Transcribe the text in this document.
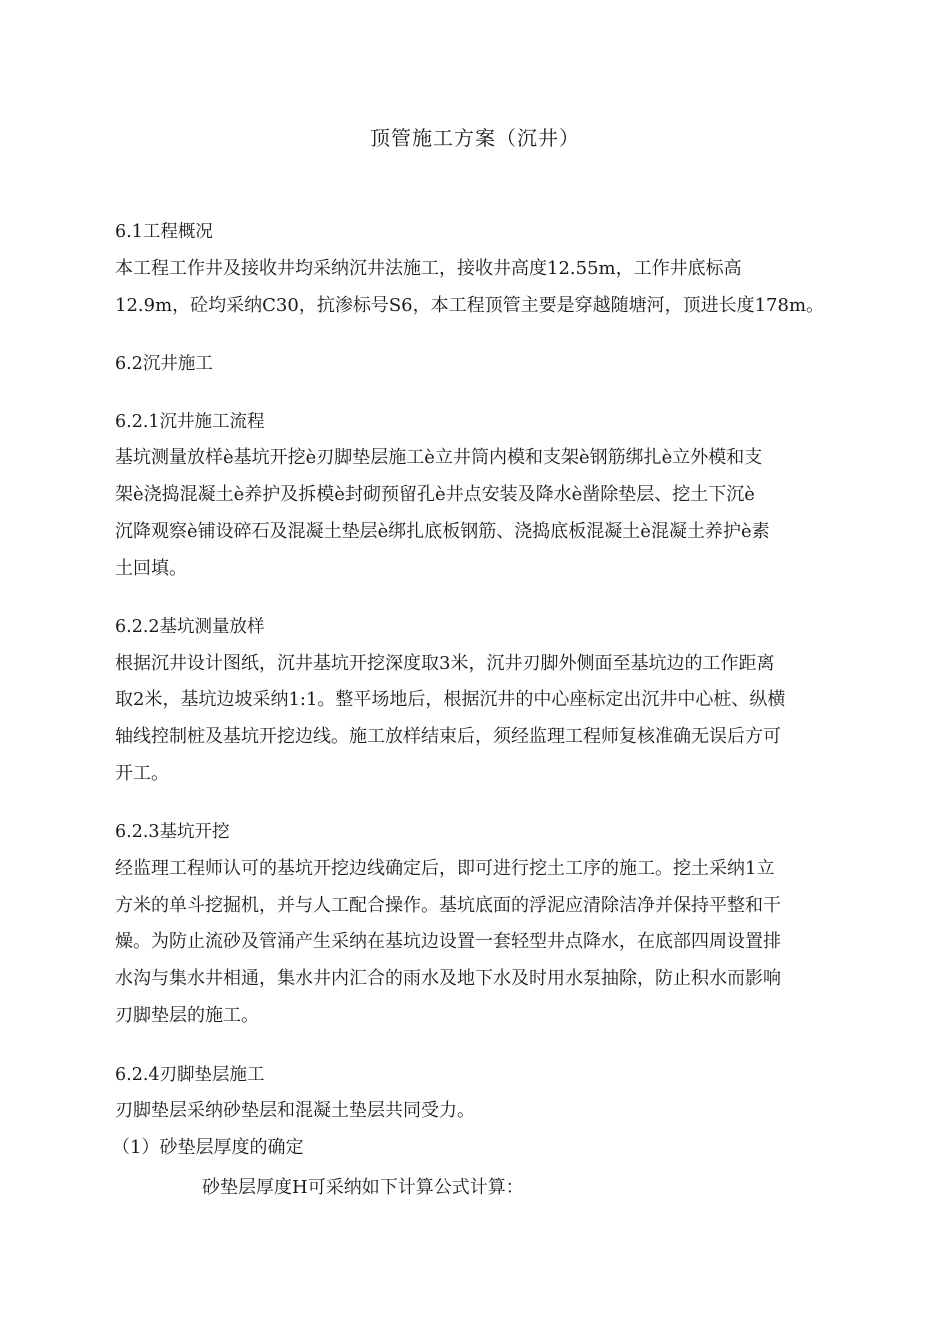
顶管施工方案（沉井）
6.1工程概况
本工程工作井及接收井均采纳沉井法施工，接收井高度12.55m，工作井底标高
12.9m，砼均采纳C30，抗渗标号S6，本工程顶管主要是穿越随塘河，顶进长度178m。
6.2沉井施工
6.2.1沉井施工流程
基坑测量放样è基坑开挖è刃脚垫层施工è立井筒内模和支架è钢筋绑扎è立外模和支
架è浇捣混凝土è养护及拆模è封砌预留孔è井点安装及降水è凿除垫层、挖土下沉è
沉降观察è铺设碎石及混凝土垫层è绑扎底板钢筋、浇捣底板混凝土è混凝土养护è素
土回填。
6.2.2基坑测量放样
根据沉井设计图纸，沉井基坑开挖深度取3米，沉井刃脚外侧面至基坑边的工作距离
取2米，基坑边坡采纳1:1。整平场地后，根据沉井的中心座标定出沉井中心桩、纵横
轴线控制桩及基坑开挖边线。施工放样结束后，须经监理工程师复核准确无误后方可
开工。
6.2.3基坑开挖
经监理工程师认可的基坑开挖边线确定后，即可进行挖土工序的施工。挖土采纳1立
方米的单斗挖掘机，并与人工配合操作。基坑底面的浮泥应清除洁净并保持平整和干
燥。为防止流砂及管涌产生采纳在基坑边设置一套轻型井点降水，在底部四周设置排
水沟与集水井相通，集水井内汇合的雨水及地下水及时用水泵抽除，防止积水而影响
刃脚垫层的施工。
6.2.4刃脚垫层施工
刃脚垫层采纳砂垫层和混凝土垫层共同受力。
（1）砂垫层厚度的确定
砂垫层厚度H可采纳如下计算公式计算：
